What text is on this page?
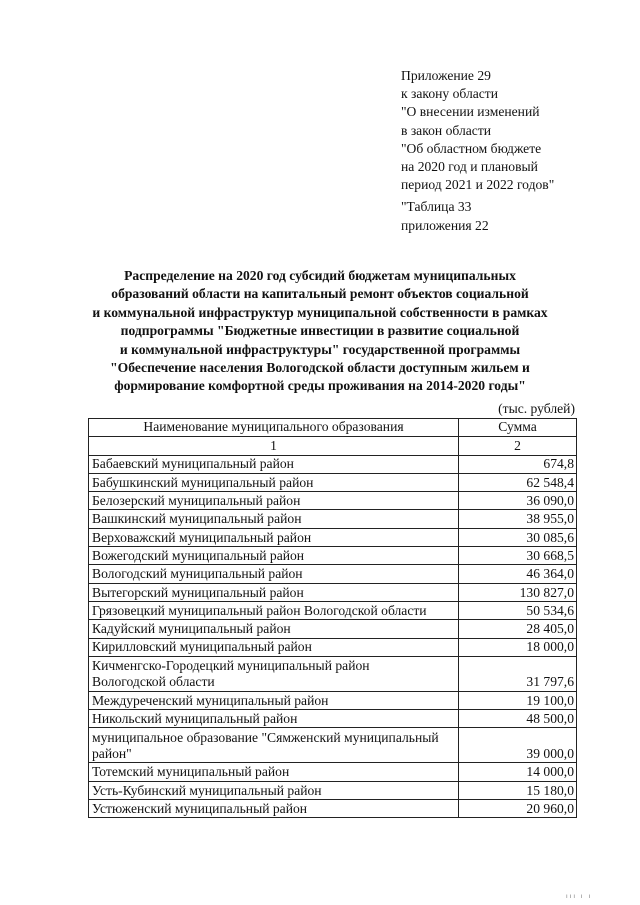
Приложение 29
к закону области
"О внесении изменений
в закон области
"Об областном бюджете
на 2020 год и плановый
период 2021 и 2022 годов"
"Таблица 33
приложения 22
Распределение на 2020 год субсидий бюджетам муниципальных
образований области на капитальный ремонт объектов социальной
и коммунальной инфраструктур муниципальной собственности в рамках
подпрограммы "Бюджетные инвестиции в развитие социальной
и коммунальной инфраструктуры" государственной программы
"Обеспечение населения Вологодской области доступным жильем и
формирование комфортной среды проживания на 2014-2020 годы"
(тыс. рублей)
Наименование муниципального образования	Сумма
1	2
Бабаевский муниципальный район	674,8
Бабушкинский муниципальный район	62 548,4
Белозерский муниципальный район	36 090,0
Вашкинский муниципальный район	38 955,0
Верховажский муниципальный район	30 085,6
Вожегодский муниципальный район	30 668,5
Вологодский муниципальный район	46 364,0
Вытегорский муниципальный район	130 827,0
Грязовецкий муниципальный район Вологодской области	50 534,6
Кадуйский муниципальный район	28 405,0
Кирилловский муниципальный район	18 000,0

Кичменгско-Городецкий муниципальный район
Вологодской области	31 797,6
Междуреченский муниципальный район	19 100,0
Никольский муниципальный район	48 500,0

муниципальное образование "Сямженский муниципальный
район"	39 000,0
Тотемский муниципальный район	14 000,0
Усть-Кубинский муниципальный район	15 180,0
Устюженский муниципальный район	20 960,0
ııı ı ı
